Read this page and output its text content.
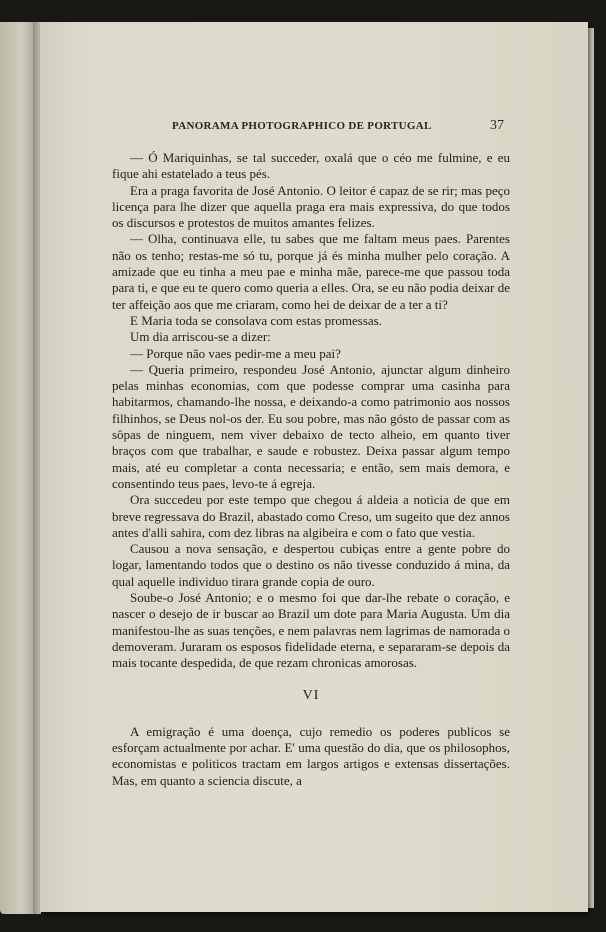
PANORAMA PHOTOGRAPHICO DE PORTUGAL	37

— Ó Mariquinhas, se tal succeder, oxalá que o céo me fulmine, e eu fique ahi estatelado a teus pés.

Era a praga favorita de José Antonio. O leitor é capaz de se rir; mas peço licença para lhe dizer que aquella praga era mais expressiva, do que todos os discursos e protestos de muitos amantes felizes.

— Olha, continuava elle, tu sabes que me faltam meus paes. Parentes não os tenho; restas-me só tu, porque já és minha mulher pelo coração. A amizade que eu tinha a meu pae e minha mãe, parece-me que passou toda para ti, e que eu te quero como queria a elles. Ora, se eu não podia deixar de ter affeição aos que me criaram, como hei de deixar de a ter a ti?

E Maria toda se consolava com estas promessas.

Um dia arriscou-se a dizer:

— Porque não vaes pedir-me a meu pai?

— Queria primeiro, respondeu José Antonio, ajunctar algum dinheiro pelas minhas economias, com que podesse comprar uma casinha para habitarmos, chamando-lhe nossa, e deixando-a como patrimonio aos nossos filhinhos, se Deus nol-os der. Eu sou pobre, mas não gósto de passar com as sôpas de ninguem, nem viver debaixo de tecto alheio, em quanto tiver braços com que trabalhar, e saude e robustez. Deixa passar algum tempo mais, até eu completar a conta necessaria; e então, sem mais demora, e consentindo teus paes, levo-te á egreja.

Ora succedeu por este tempo que chegou á aldeia a noticia de que em breve regressava do Brazil, abastado como Creso, um sugeito que dez annos antes d'alli sahira, com dez libras na algibeira e com o fato que vestia.

Causou a nova sensação, e despertou cubiças entre a gente pobre do logar, lamentando todos que o destino os não tivesse conduzido á mina, da qual aquelle individuo tirara grande copia de ouro.

Soube-o José Antonio; e o mesmo foi que dar-lhe rebate o coração, e nascer o desejo de ir buscar ao Brazil um dote para Maria Augusta. Um dia manifestou-lhe as suas tenções, e nem palavras nem lagrimas de namorada o demoveram. Juraram os esposos fidelidade eterna, e separaram-se depois da mais tocante despedida, de que rezam chronicas amorosas.

VI

A emigração é uma doença, cujo remedio os poderes publicos se esforçam actualmente por achar. E' uma questão do dia, que os philosophos, economistas e politicos tractam em largos artigos e extensas dissertações. Mas, em quanto a sciencia discute, a
